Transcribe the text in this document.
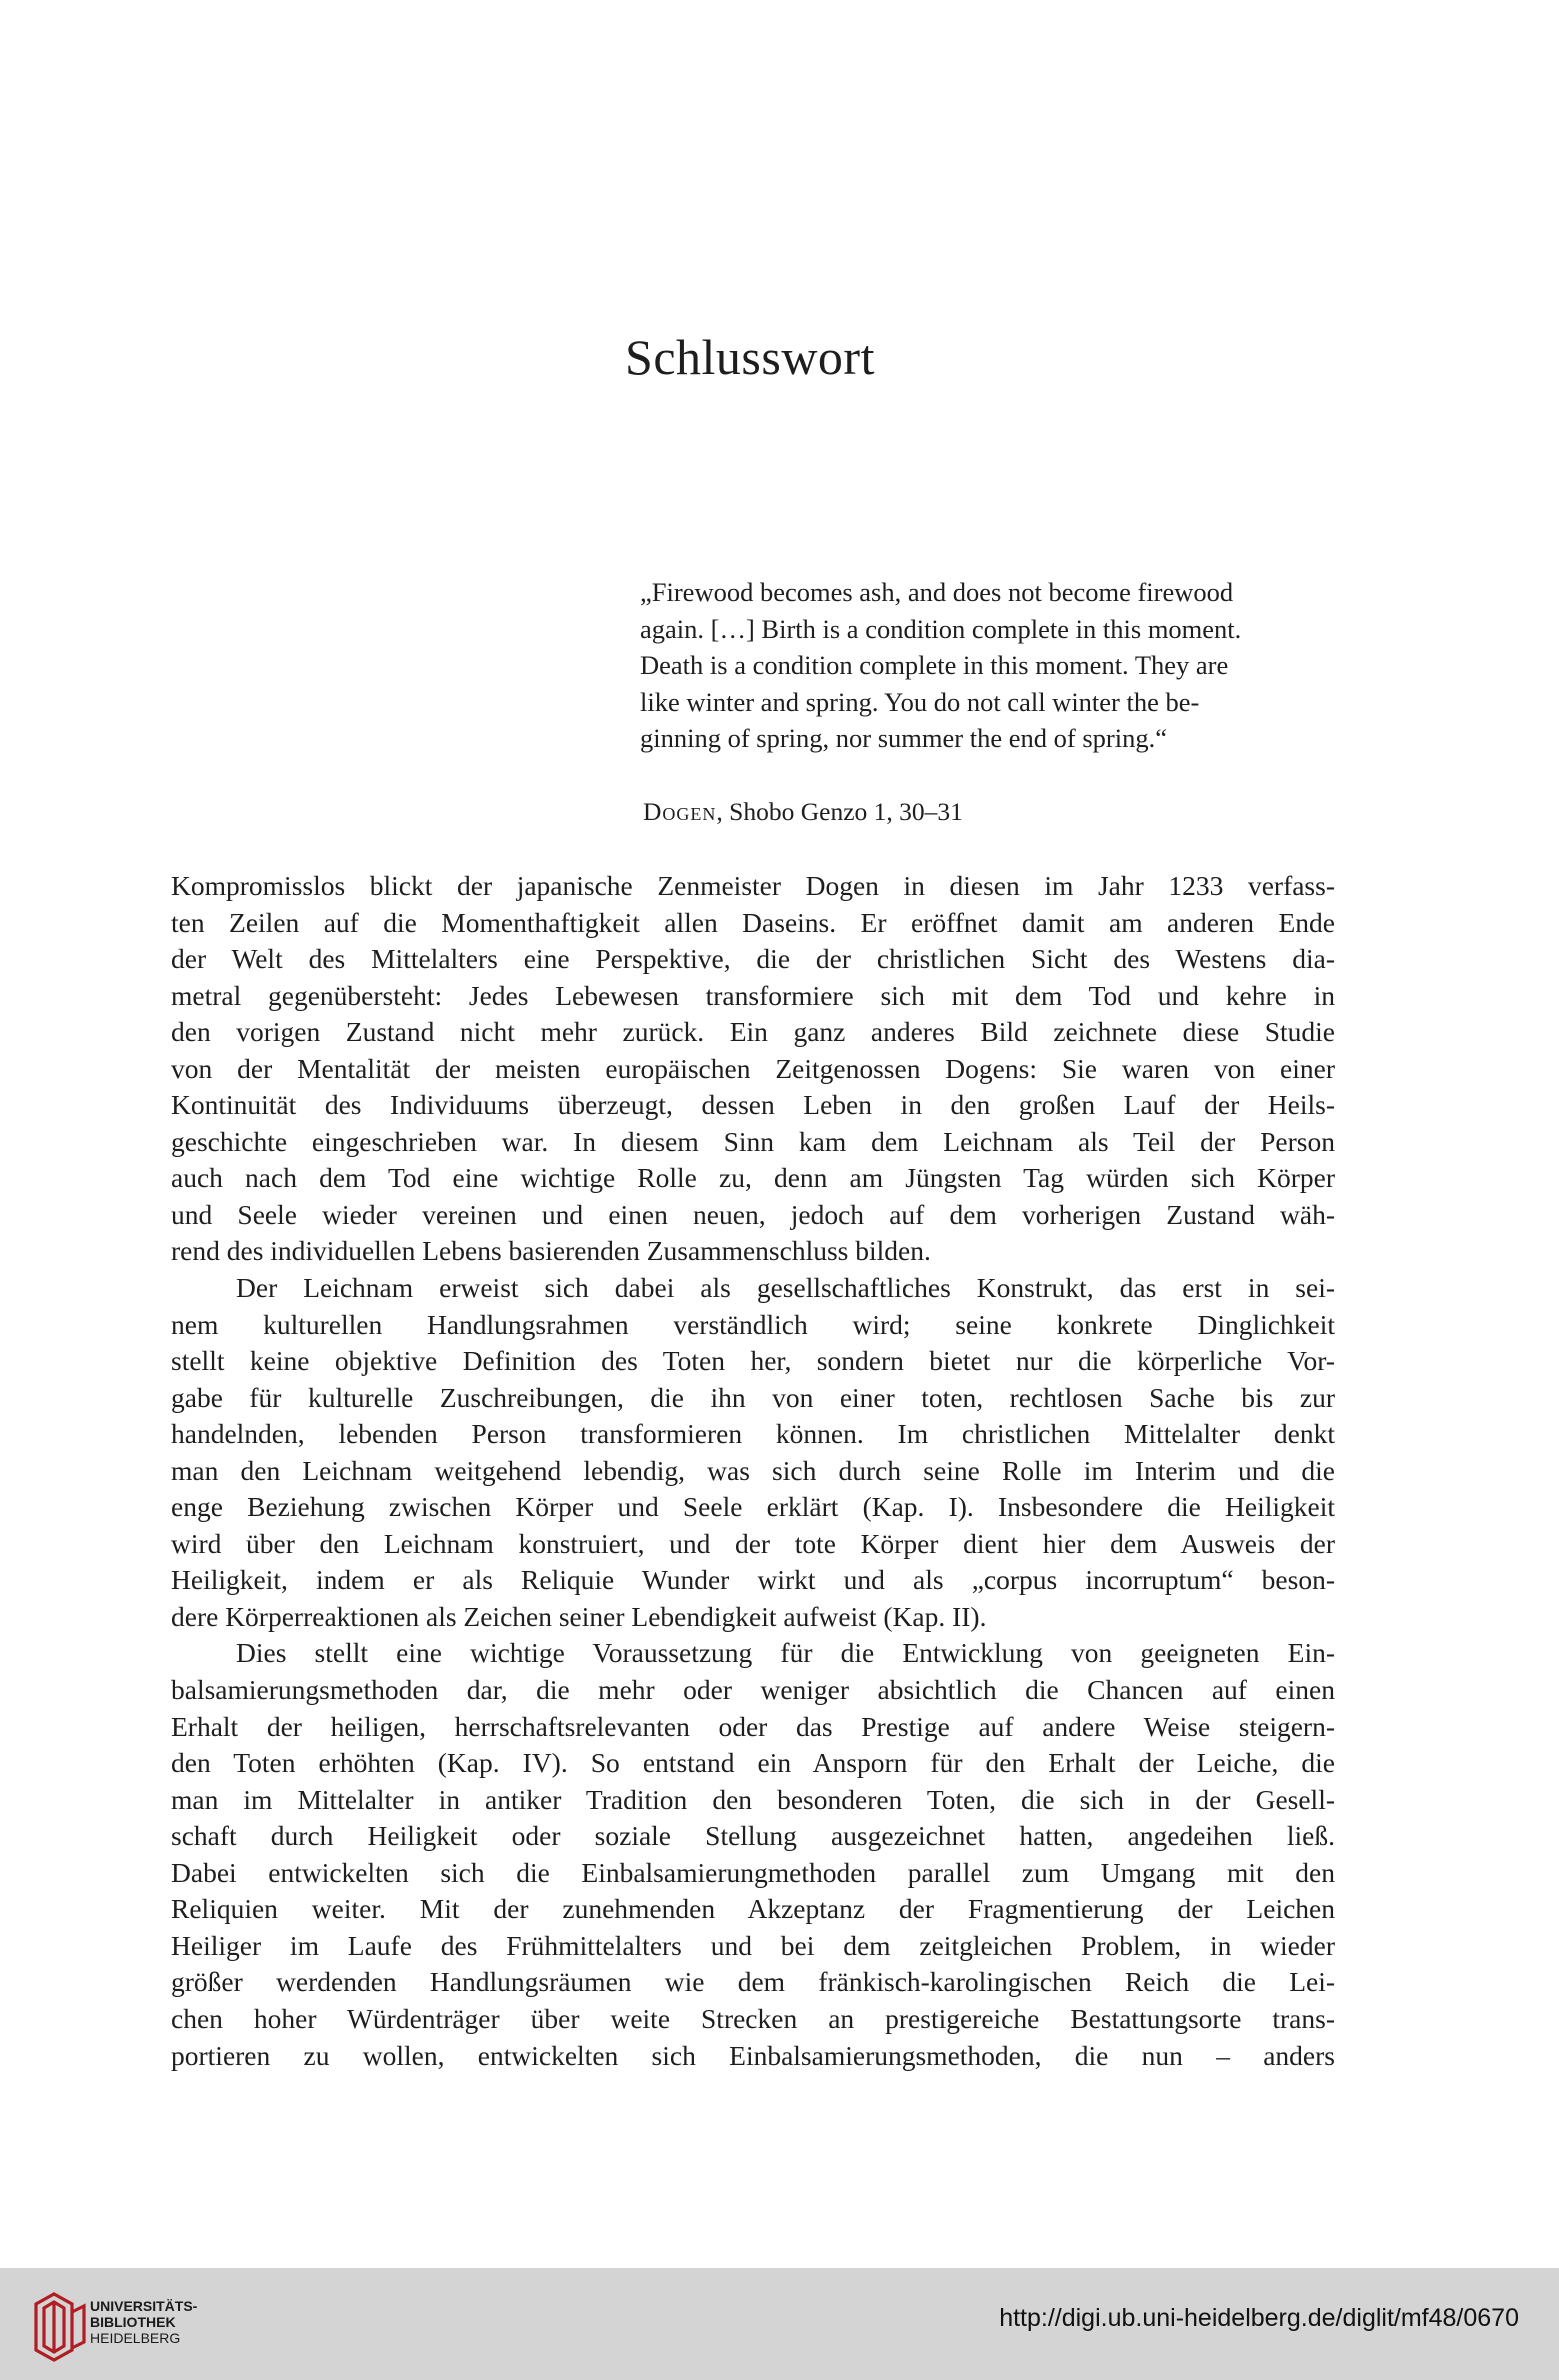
Schlusswort
„Firewood becomes ash, and does not become firewood
again. […] Birth is a condition complete in this moment.
Death is a condition complete in this moment. They are
like winter and spring. You do not call winter the be-
ginning of spring, nor summer the end of spring.“
Dogen, Shobo Genzo 1, 30–31
Kompromisslos blickt der japanische Zenmeister Dogen in diesen im Jahr 1233 verfass-
ten Zeilen auf die Momenthaftigkeit allen Daseins. Er eröffnet damit am anderen Ende
der Welt des Mittelalters eine Perspektive, die der christlichen Sicht des Westens dia-
metral gegenübersteht: Jedes Lebewesen transformiere sich mit dem Tod und kehre in
den vorigen Zustand nicht mehr zurück. Ein ganz anderes Bild zeichnete diese Studie
von der Mentalität der meisten europäischen Zeitgenossen Dogens: Sie waren von einer
Kontinuität des Individuums überzeugt, dessen Leben in den großen Lauf der Heils-
geschichte eingeschrieben war. In diesem Sinn kam dem Leichnam als Teil der Person
auch nach dem Tod eine wichtige Rolle zu, denn am Jüngsten Tag würden sich Körper
und Seele wieder vereinen und einen neuen, jedoch auf dem vorherigen Zustand wäh-
rend des individuellen Lebens basierenden Zusammenschluss bilden.
Der Leichnam erweist sich dabei als gesellschaftliches Konstrukt, das erst in sei-
nem kulturellen Handlungsrahmen verständlich wird; seine konkrete Dinglichkeit
stellt keine objektive Definition des Toten her, sondern bietet nur die körperliche Vor-
gabe für kulturelle Zuschreibungen, die ihn von einer toten, rechtlosen Sache bis zur
handelnden, lebenden Person transformieren können. Im christlichen Mittelalter denkt
man den Leichnam weitgehend lebendig, was sich durch seine Rolle im Interim und die
enge Beziehung zwischen Körper und Seele erklärt (Kap. I). Insbesondere die Heiligkeit
wird über den Leichnam konstruiert, und der tote Körper dient hier dem Ausweis der
Heiligkeit, indem er als Reliquie Wunder wirkt und als „corpus incorruptum“ beson-
dere Körperreaktionen als Zeichen seiner Lebendigkeit aufweist (Kap. II).
Dies stellt eine wichtige Voraussetzung für die Entwicklung von geeigneten Ein-
balsamierungsmethoden dar, die mehr oder weniger absichtlich die Chancen auf einen
Erhalt der heiligen, herrschaftsrelevanten oder das Prestige auf andere Weise steigern-
den Toten erhöhten (Kap. IV). So entstand ein Ansporn für den Erhalt der Leiche, die
man im Mittelalter in antiker Tradition den besonderen Toten, die sich in der Gesell-
schaft durch Heiligkeit oder soziale Stellung ausgezeichnet hatten, angedeihen ließ.
Dabei entwickelten sich die Einbalsamierungmethoden parallel zum Umgang mit den
Reliquien weiter. Mit der zunehmenden Akzeptanz der Fragmentierung der Leichen
Heiliger im Laufe des Frühmittelalters und bei dem zeitgleichen Problem, in wieder
größer werdenden Handlungsräumen wie dem fränkisch-karolingischen Reich die Lei-
chen hoher Würdenträger über weite Strecken an prestigereiche Bestattungsorte trans-
portieren zu wollen, entwickelten sich Einbalsamierungsmethoden, die nun – anders
UNIVERSITÄTS-
BIBLIOTHEK
HEIDELBERG
http://digi.ub.uni-heidelberg.de/diglit/mf48/0670
